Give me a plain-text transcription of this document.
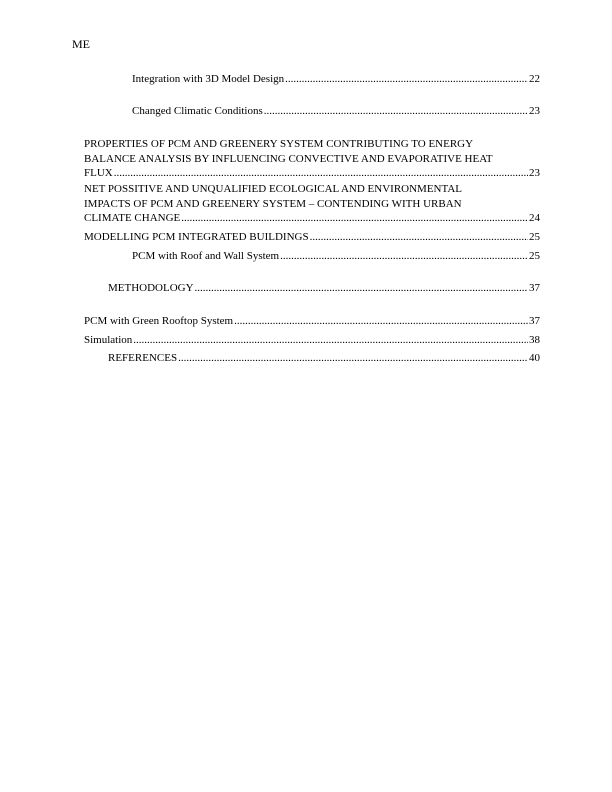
ME
Integration with 3D Model Design .....	22
Changed Climatic Conditions .....	23
PROPERTIES OF PCM AND GREENERY SYSTEM CONTRIBUTING TO ENERGY
BALANCE ANALYSIS BY INFLUENCING CONVECTIVE AND EVAPORATIVE HEAT
FLUX .....	23
NET POSSITIVE AND UNQUALIFIED ECOLOGICAL AND ENVIRONMENTAL
IMPACTS OF PCM AND GREENERY SYSTEM – CONTENDING WITH URBAN
CLIMATE CHANGE .....	24
MODELLING PCM INTEGRATED BUILDINGS .....	25
PCM with Roof and Wall System .....	25
METHODOLOGY .....	37
PCM with Green Rooftop System .....	37
Simulation .....	38
REFERENCES .....	40
